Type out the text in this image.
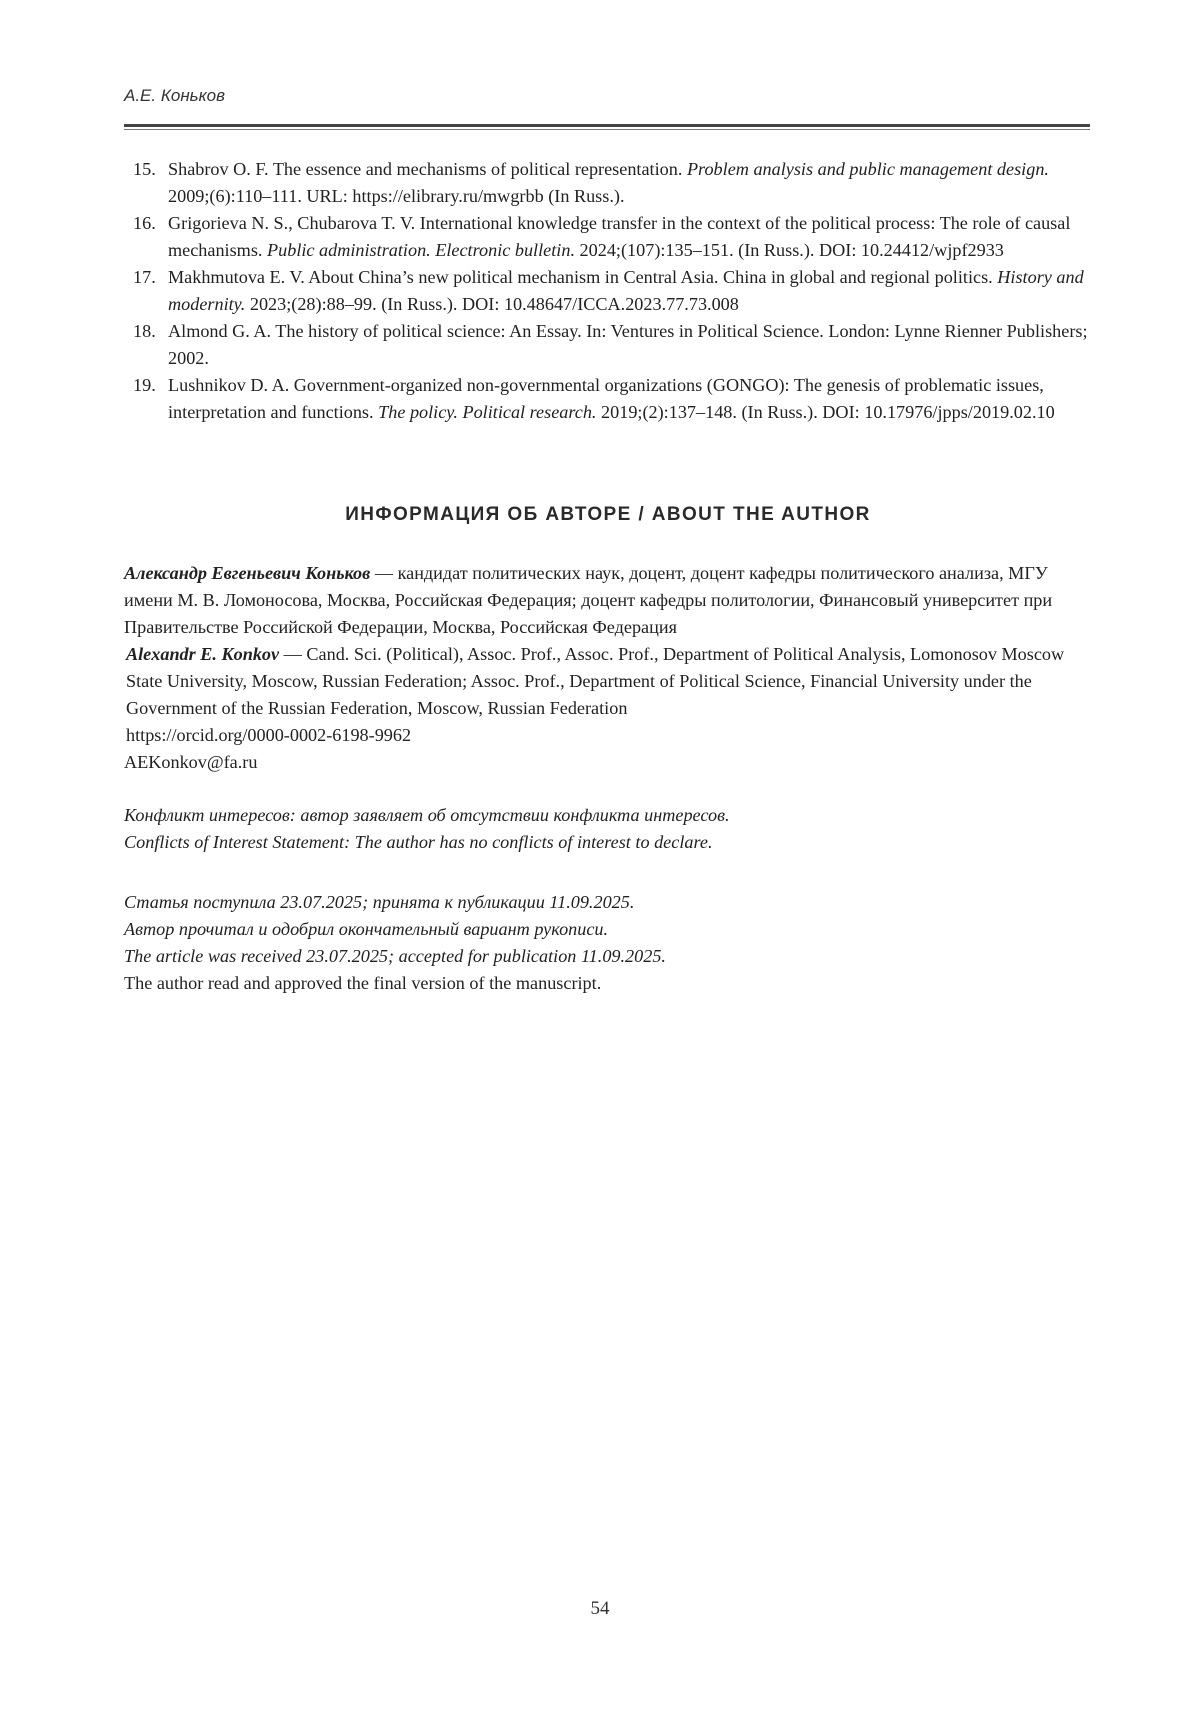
А.Е. Коньков
15. Shabrov O. F. The essence and mechanisms of political representation. Problem analysis and public management design. 2009;(6):110–111. URL: https://elibrary.ru/mwgrbb (In Russ.).
16. Grigorieva N. S., Chubarova T. V. International knowledge transfer in the context of the political process: The role of causal mechanisms. Public administration. Electronic bulletin. 2024;(107):135–151. (In Russ.). DOI: 10.24412/wjpf2933
17. Makhmutova E. V. About China’s new political mechanism in Central Asia. China in global and regional politics. History and modernity. 2023;(28):88–99. (In Russ.). DOI: 10.48647/ICCA.2023.77.73.008
18. Almond G. A. The history of political science: An Essay. In: Ventures in Political Science. London: Lynne Rienner Publishers; 2002.
19. Lushnikov D. A. Government-organized non-governmental organizations (GONGO): The genesis of problematic issues, interpretation and functions. The policy. Political research. 2019;(2):137–148. (In Russ.). DOI: 10.17976/jpps/2019.02.10
ИНФОРМАЦИЯ ОБ АВТОРЕ / ABOUT THE AUTHOR

Александр Евгеньевич Коньков — кандидат политических наук, доцент, доцент кафедры политического анализа, МГУ имени М. В. Ломоносова, Москва, Российская Федерация; доцент кафедры политологии, Финансовый университет при Правительстве Российской Федерации, Москва, Российская Федерация

Alexandr E. Konkov — Cand. Sci. (Political), Assoc. Prof., Assoc. Prof., Department of Political Analysis, Lomonosov Moscow State University, Moscow, Russian Federation; Assoc. Prof., Department of Political Science, Financial University under the Government of the Russian Federation, Moscow, Russian Federation

https://orcid.org/0000-0002-6198-9962

AEKonkov@fa.ru

Конфликт интересов: автор заявляет об отсутствии конфликта интересов.

Conflicts of Interest Statement: The author has no conflicts of interest to declare.

Статья поступила 23.07.2025; принята к публикации 11.09.2025.

Автор прочитал и одобрил окончательный вариант рукописи.

The article was received 23.07.2025; accepted for publication 11.09.2025.

The author read and approved the final version of the manuscript.

54
